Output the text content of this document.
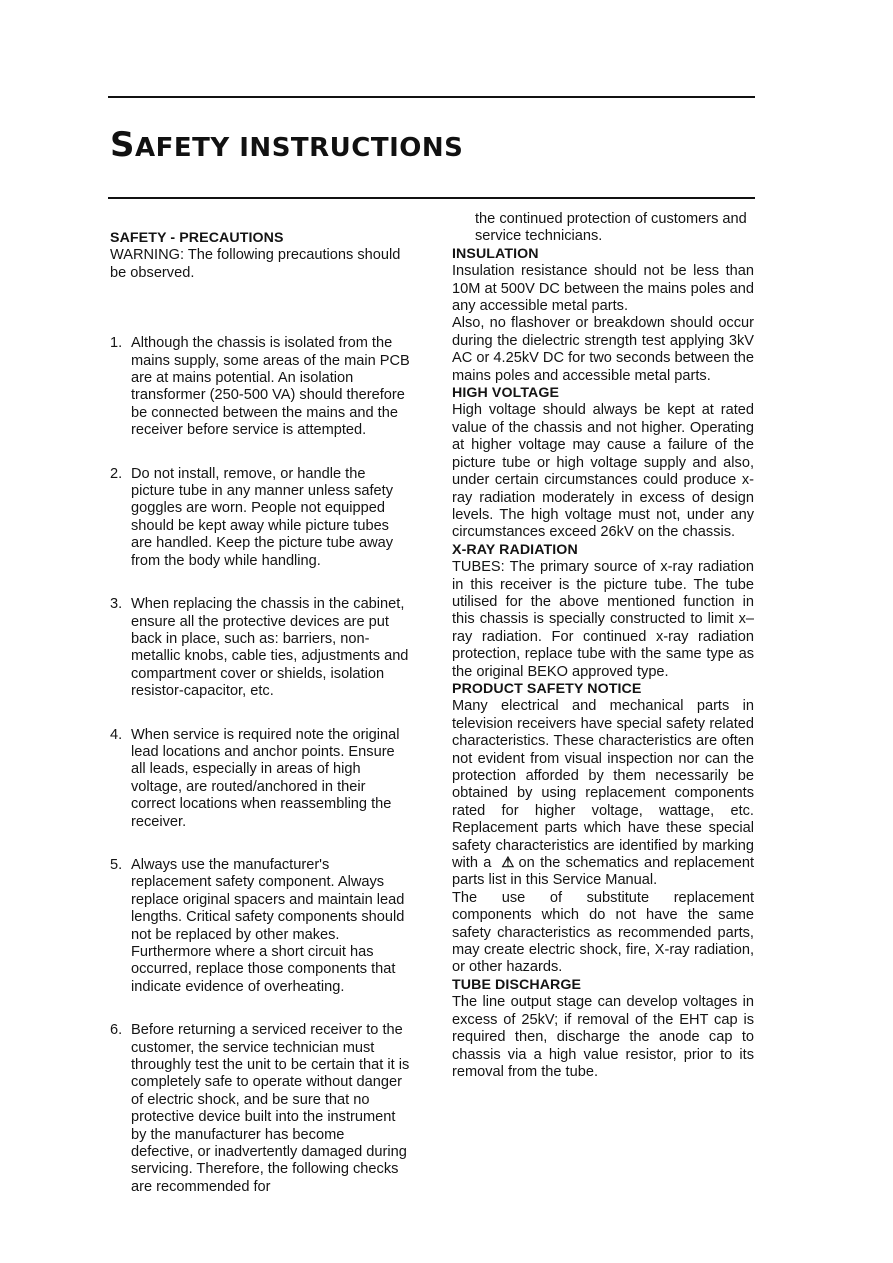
SAFETY INSTRUCTIONS
SAFETY - PRECAUTIONS

WARNING: The following precautions should be observed.

1. Although the chassis is isolated from the mains supply, some areas of the main PCB are at mains potential. An isolation transformer (250-500 VA) should therefore be connected between the mains and the receiver before service is attempted.
2. Do not install, remove, or handle the picture tube in any manner unless safety goggles are worn. People not equipped should be kept away while picture tubes are handled. Keep the picture tube away from the body while handling.
3. When replacing the chassis in the cabinet, ensure all the protective devices are put back in place, such as: barriers, non-metallic knobs, cable ties, adjustments and compartment cover or shields, isolation resistor-capacitor, etc.
4. When service is required note the original lead locations and anchor points. Ensure all leads, especially in areas of high voltage, are routed/anchored in their correct locations when reassembling the receiver.
5. Always use the manufacturer's replacement safety component. Always replace original spacers and maintain lead lengths. Critical safety components should not be replaced by other makes. Furthermore where a short circuit has occurred, replace those components that indicate evidence of overheating.
6. Before returning a serviced receiver to the customer, the service technician must throughly test the unit to be certain that it is completely safe to operate without danger of electric shock, and be sure that no protective device built into the instrument by the manufacturer has become defective, or inadvertently damaged during servicing. Therefore, the following checks are recommended for

the continued protection of customers and service technicians.

INSULATION

Insulation resistance should not be less than 10M at 500V DC between the mains poles and any accessible metal parts.

Also, no flashover or breakdown should occur during the dielectric strength test applying 3kV AC or 4.25kV DC for two seconds between the mains poles and accessible metal parts.

HIGH VOLTAGE

High voltage should always be kept at rated value of the chassis and not higher. Operating at higher voltage may cause a failure of the picture tube or high voltage supply and also, under certain circumstances could produce x-ray radiation moderately in excess of design levels. The high voltage must not, under any circumstances exceed 26kV on the chassis.

X-RAY RADIATION

TUBES: The primary source of x-ray radiation in this receiver is the picture tube. The tube utilised for the above mentioned function in this chassis is specially constructed to limit x–ray radiation. For continued x-ray radiation protection, replace tube with the same type as the original BEKO approved type.

PRODUCT SAFETY NOTICE

Many electrical and mechanical parts in television receivers have special safety related characteristics. These characteristics are often not evident from visual inspection nor can the protection afforded by them necessarily be obtained by using replacement components rated for higher voltage, wattage, etc. Replacement parts which have these special safety characteristics are identified by marking with a ⚠ on the schematics and replacement parts list in this Service Manual.

The use of substitute replacement components which do not have the same safety characteristics as recommended parts, may create electric shock, fire, X-ray radiation, or other hazards.

TUBE DISCHARGE

The line output stage can develop voltages in excess of 25kV; if removal of the EHT cap is required then, discharge the anode cap to chassis via a high value resistor, prior to its removal from the tube.
